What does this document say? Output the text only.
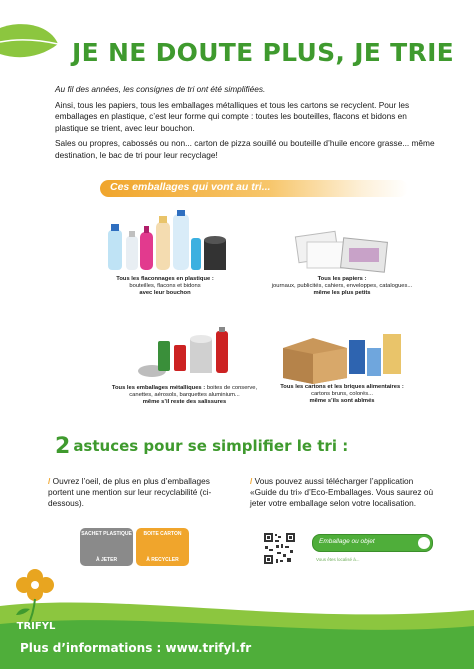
JE NE DOUTE PLUS, JE TRIE

Au fil des années, les consignes de tri ont été simplifiées.

Ainsi, tous les papiers, tous les emballages métalliques et tous les cartons se recyclent. Pour les emballages en plastique, c’est leur forme qui compte : toutes les bouteilles, flacons et bidons en plastique se trient, avec leur bouchon.

Sales ou propres, cabossés ou non... carton de pizza souillé ou bouteille d’huile encore grasse... même destination, le bac de tri pour leur recyclage!

Ces emballages qui vont au tri...
Tous les flaconnages en plastique :
bouteilles, flacons et bidons
avec leur bouchon
Tous les papiers :
journaux, publicités, cahiers, enveloppes, catalogues...
même les plus petits
Tous les emballages métalliques : boites de conserve,
canettes, aérosols, barquettes aluminium...
même s’il reste des salissures
Tous les cartons et les briques alimentaires :
cartons bruns, colorés...
même s’ils sont abîmés
2 astuces pour se simplifier le tri :
/ Ouvrez l’oeil, de plus en plus d’emballages portent une mention sur leur recyclabilité (ci-dessous).
/ Vous pouvez aussi télécharger l’application «Guide du tri» d’Eco-Emballages. Vous saurez où jeter votre emballage selon votre localisation.
SACHET PLASTIQUE
À JETER
BOITE CARTON
À RECYCLER
Emballage ou objet
Vous êtes localisé à...
TRIFYL
Plus d’informations : www.trifyl.fr
